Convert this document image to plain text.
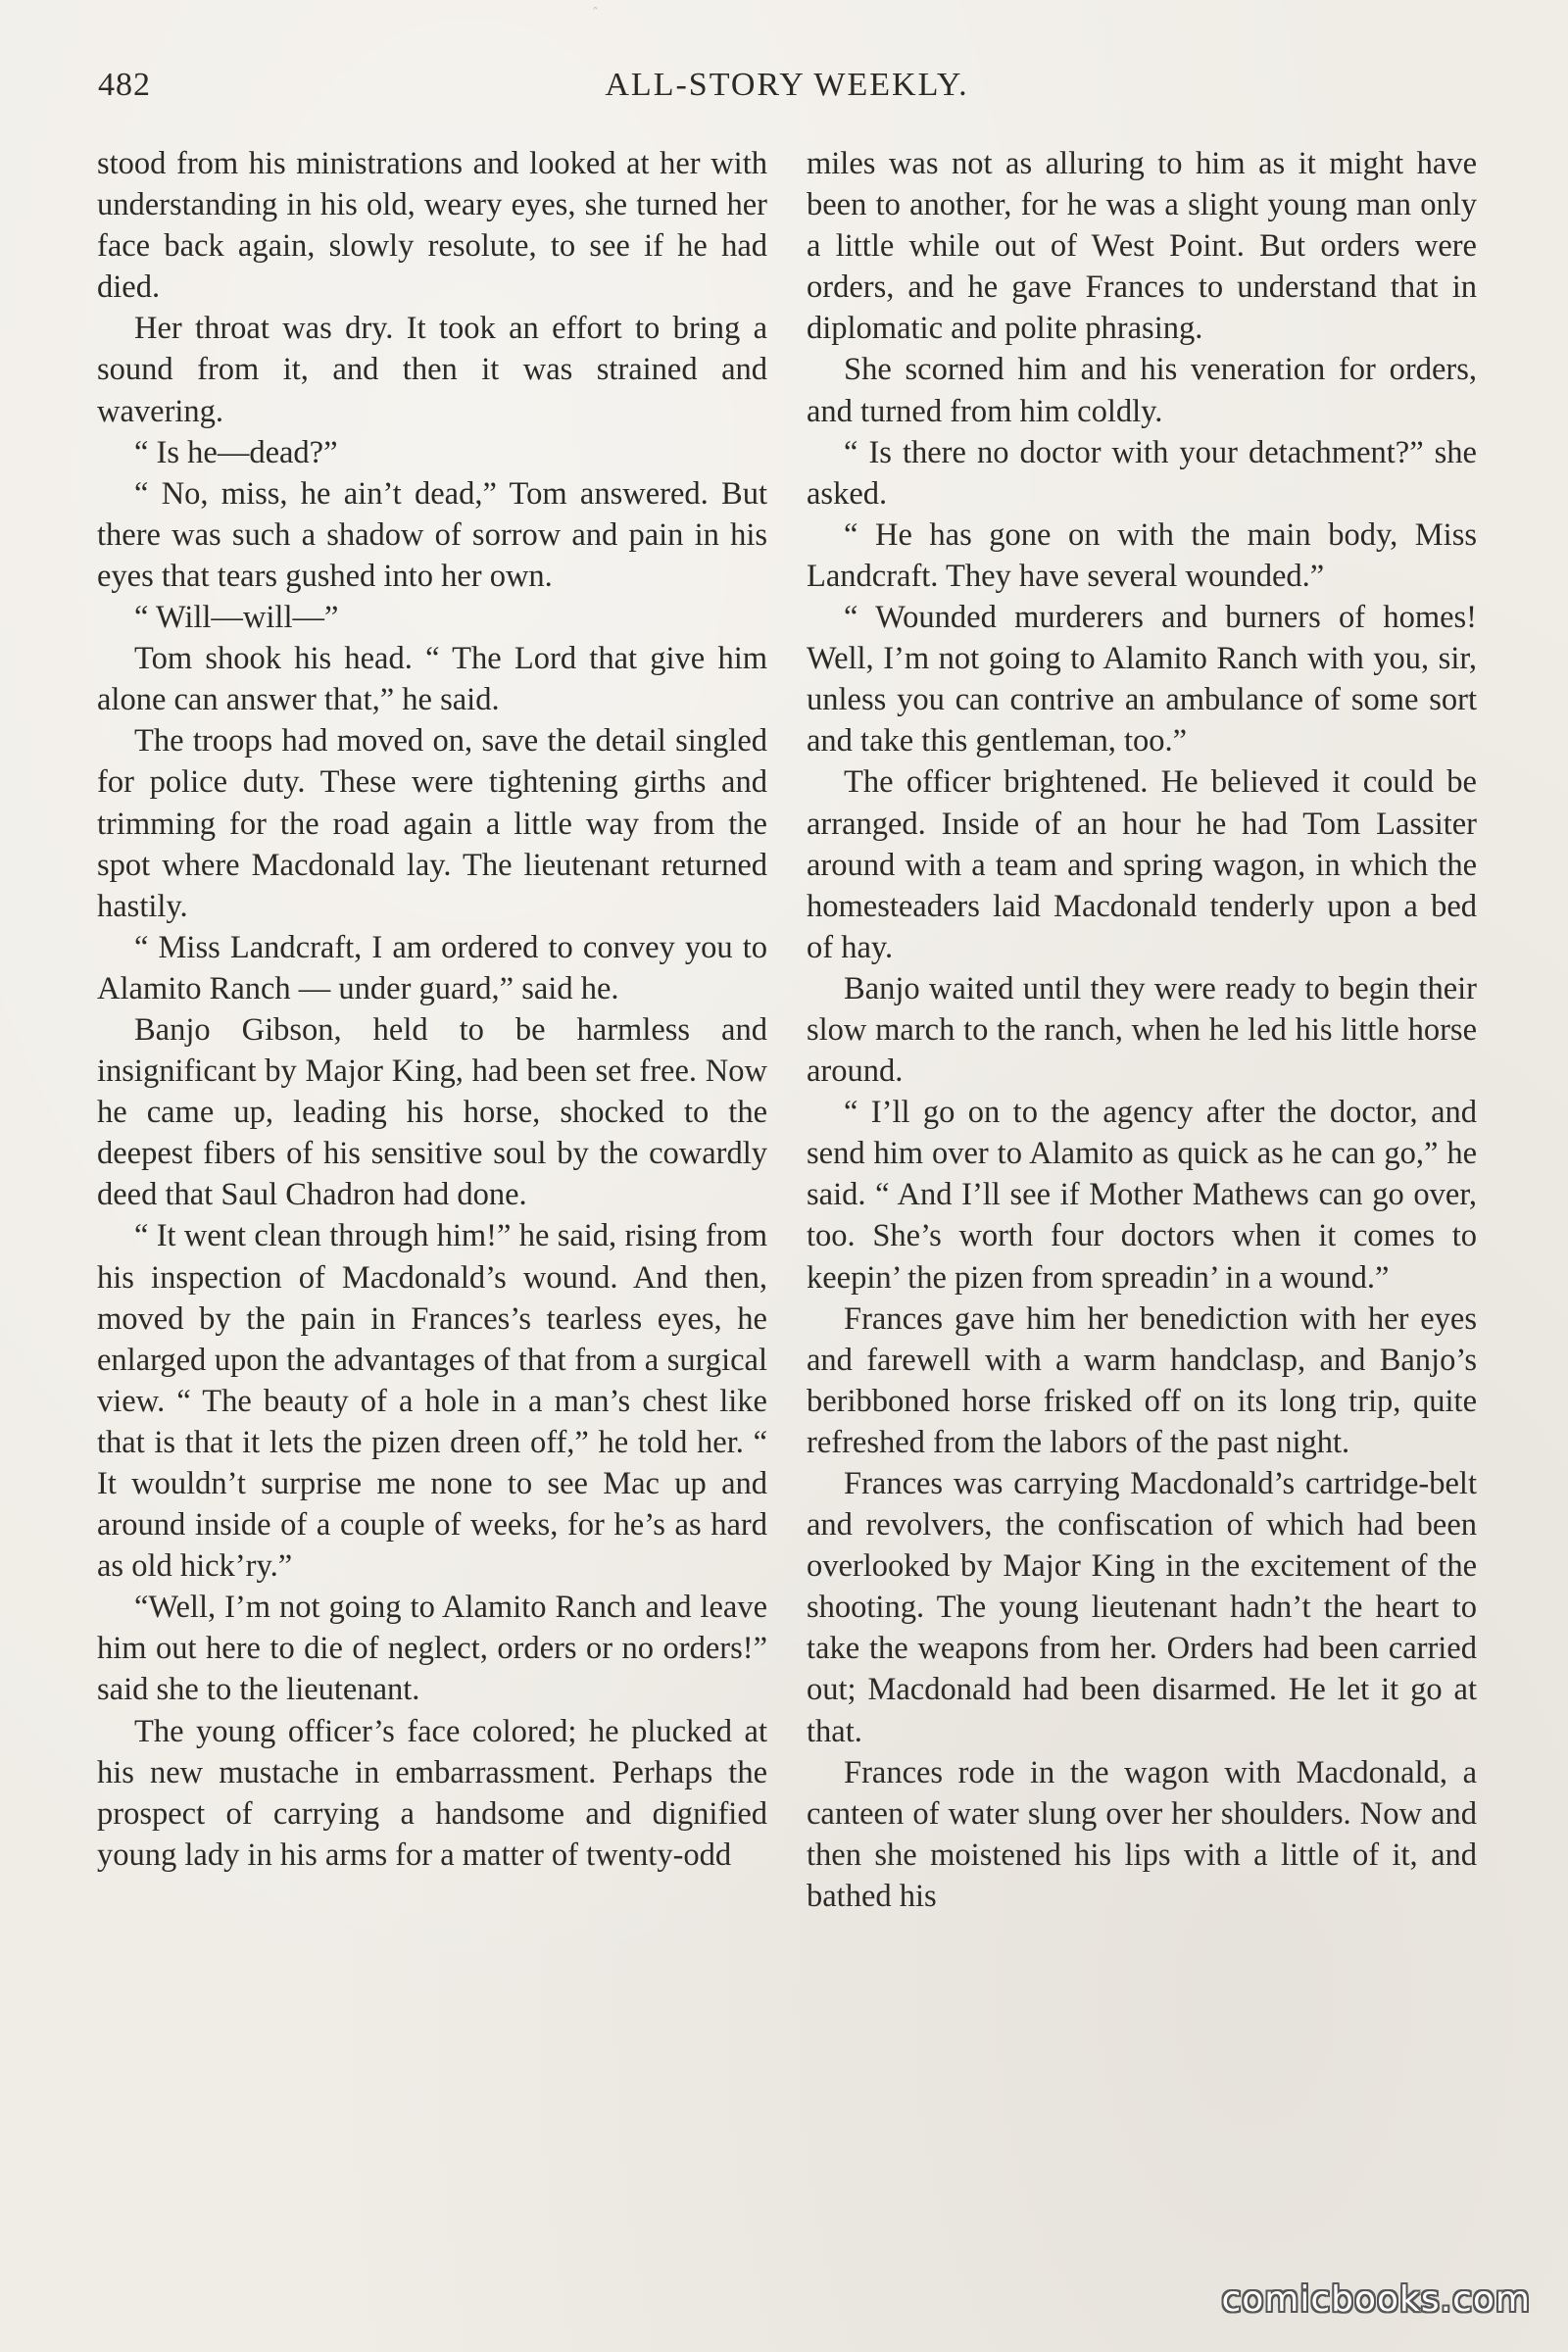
ˆ
482	ALL-STORY WEEKLY.

stood from his ministrations and looked at her with understanding in his old, weary eyes, she turned her face back again, slowly resolute, to see if he had died.

Her throat was dry. It took an effort to bring a sound from it, and then it was strained and wavering.

“ Is he—dead?”

“ No, miss, he ain’t dead,” Tom answered. But there was such a shadow of sorrow and pain in his eyes that tears gushed into her own.

“ Will—will—”

Tom shook his head. “ The Lord that give him alone can answer that,” he said.

The troops had moved on, save the detail singled for police duty. These were tightening girths and trimming for the road again a little way from the spot where Macdonald lay. The lieutenant returned hastily.

“ Miss Landcraft, I am ordered to convey you to Alamito Ranch — under guard,” said he.

Banjo Gibson, held to be harmless and insignificant by Major King, had been set free. Now he came up, leading his horse, shocked to the deepest fibers of his sensitive soul by the cowardly deed that Saul Chadron had done.

“ It went clean through him!” he said, rising from his inspection of Macdonald’s wound. And then, moved by the pain in Frances’s tearless eyes, he enlarged upon the advantages of that from a surgical view. “ The beauty of a hole in a man’s chest like that is that it lets the pizen dreen off,” he told her. “ It wouldn’t surprise me none to see Mac up and around inside of a couple of weeks, for he’s as hard as old hick’ry.”

“Well, I’m not going to Alamito Ranch and leave him out here to die of neglect, orders or no orders!” said she to the lieutenant.

The young officer’s face colored; he plucked at his new mustache in embarrassment. Perhaps the prospect of carrying a handsome and dignified young lady in his arms for a matter of twenty-odd

miles was not as alluring to him as it might have been to another, for he was a slight young man only a little while out of West Point. But orders were orders, and he gave Frances to understand that in diplomatic and polite phrasing.

She scorned him and his veneration for orders, and turned from him coldly.

“ Is there no doctor with your detachment?” she asked.

“ He has gone on with the main body, Miss Landcraft. They have several wounded.”

“ Wounded murderers and burners of homes! Well, I’m not going to Alamito Ranch with you, sir, unless you can contrive an ambulance of some sort and take this gentleman, too.”

The officer brightened. He believed it could be arranged. Inside of an hour he had Tom Lassiter around with a team and spring wagon, in which the homesteaders laid Macdonald tenderly upon a bed of hay.

Banjo waited until they were ready to begin their slow march to the ranch, when he led his little horse around.

“ I’ll go on to the agency after the doctor, and send him over to Alamito as quick as he can go,” he said. “ And I’ll see if Mother Mathews can go over, too. She’s worth four doctors when it comes to keepin’ the pizen from spreadin’ in a wound.”

Frances gave him her benediction with her eyes and farewell with a warm handclasp, and Banjo’s beribboned horse frisked off on its long trip, quite refreshed from the labors of the past night.

Frances was carrying Macdonald’s cartridge-belt and revolvers, the confiscation of which had been overlooked by Major King in the excitement of the shooting. The young lieutenant hadn’t the heart to take the weapons from her. Orders had been carried out; Macdonald had been disarmed. He let it go at that.

Frances rode in the wagon with Macdonald, a canteen of water slung over her shoulders. Now and then she moistened his lips with a little of it, and bathed his

comicbooks.com
